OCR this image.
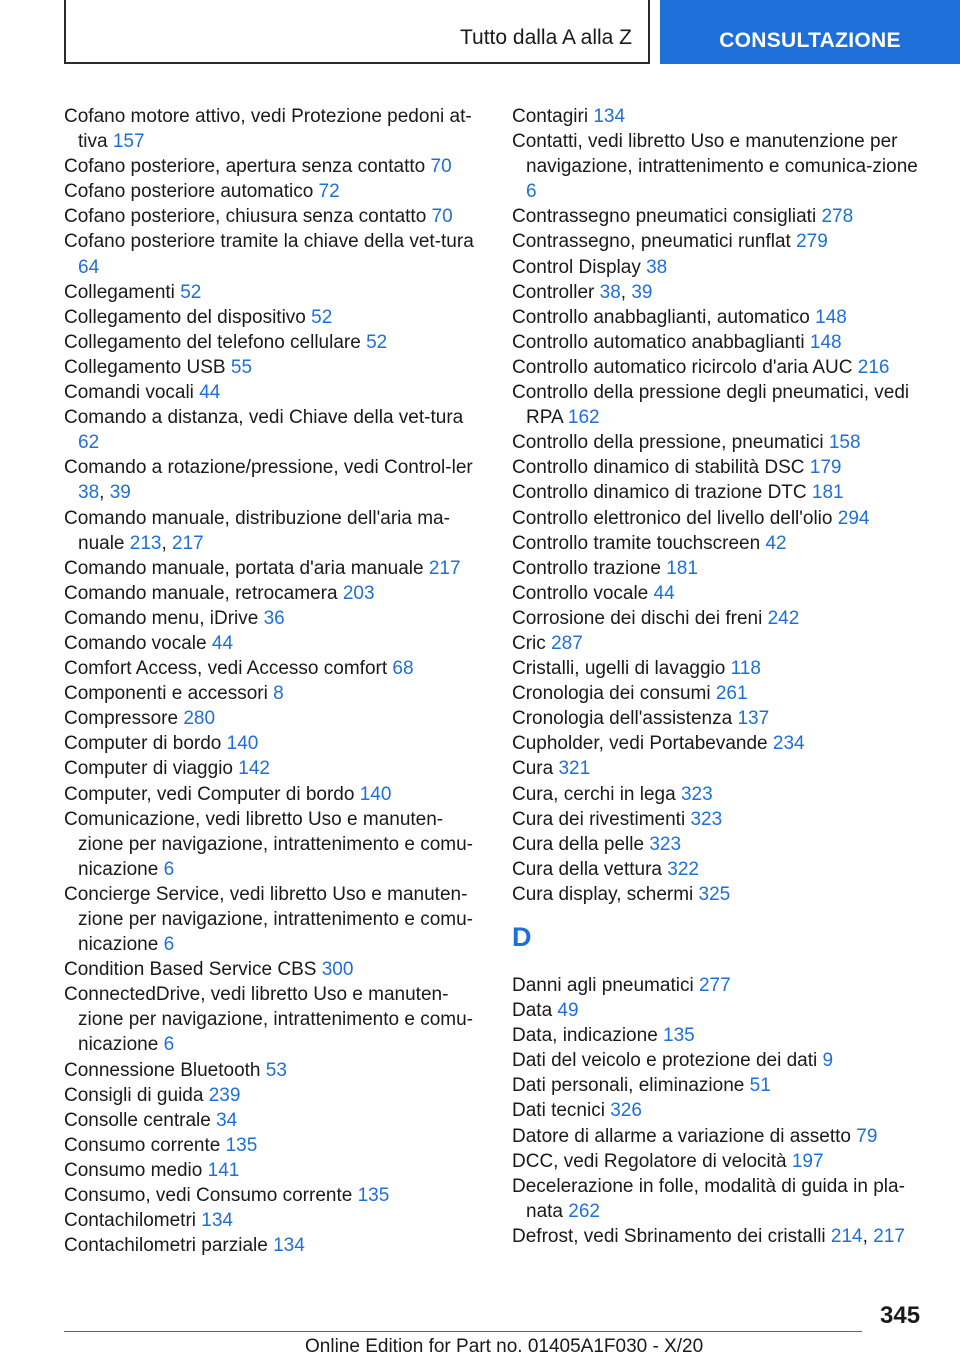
Tutto dalla A alla Z	CONSULTAZIONE
Cofano motore attivo, vedi Protezione pedoni at-tiva 157
Cofano posteriore, apertura senza contatto 70
Cofano posteriore automatico 72
Cofano posteriore, chiusura senza contatto 70
Cofano posteriore tramite la chiave della vet-tura 64
Collegamenti 52
Collegamento del dispositivo 52
Collegamento del telefono cellulare 52
Collegamento USB 55
Comandi vocali 44
Comando a distanza, vedi Chiave della vet-tura 62
Comando a rotazione/pressione, vedi Control-ler 38, 39
Comando manuale, distribuzione dell'aria ma-nuale 213, 217
Comando manuale, portata d'aria manuale 217
Comando manuale, retrocamera 203
Comando menu, iDrive 36
Comando vocale 44
Comfort Access, vedi Accesso comfort 68
Componenti e accessori 8
Compressore 280
Computer di bordo 140
Computer di viaggio 142
Computer, vedi Computer di bordo 140
Comunicazione, vedi libretto Uso e manuten-zione per navigazione, intrattenimento e comu-nicazione 6
Concierge Service, vedi libretto Uso e manuten-zione per navigazione, intrattenimento e comu-nicazione 6
Condition Based Service CBS 300
ConnectedDrive, vedi libretto Uso e manuten-zione per navigazione, intrattenimento e comu-nicazione 6
Connessione Bluetooth 53
Consigli di guida 239
Consolle centrale 34
Consumo corrente 135
Consumo medio 141
Consumo, vedi Consumo corrente 135
Contachilometri 134
Contachilometri parziale 134
Contagiri 134
Contatti, vedi libretto Uso e manutenzione per navigazione, intrattenimento e comunica-zione 6
Contrassegno pneumatici consigliati 278
Contrassegno, pneumatici runflat 279
Control Display 38
Controller 38, 39
Controllo anabbaglianti, automatico 148
Controllo automatico anabbaglianti 148
Controllo automatico ricircolo d'aria AUC 216
Controllo della pressione degli pneumatici, vedi RPA 162
Controllo della pressione, pneumatici 158
Controllo dinamico di stabilità DSC 179
Controllo dinamico di trazione DTC 181
Controllo elettronico del livello dell'olio 294
Controllo tramite touchscreen 42
Controllo trazione 181
Controllo vocale 44
Corrosione dei dischi dei freni 242
Cric 287
Cristalli, ugelli di lavaggio 118
Cronologia dei consumi 261
Cronologia dell'assistenza 137
Cupholder, vedi Portabevande 234
Cura 321
Cura, cerchi in lega 323
Cura dei rivestimenti 323
Cura della pelle 323
Cura della vettura 322
Cura display, schermi 325
D
Danni agli pneumatici 277
Data 49
Data, indicazione 135
Dati del veicolo e protezione dei dati 9
Dati personali, eliminazione 51
Dati tecnici 326
Datore di allarme a variazione di assetto 79
DCC, vedi Regolatore di velocità 197
Decelerazione in folle, modalità di guida in pla-nata 262
Defrost, vedi Sbrinamento dei cristalli 214, 217
345
Online Edition for Part no. 01405A1F030 - X/20
